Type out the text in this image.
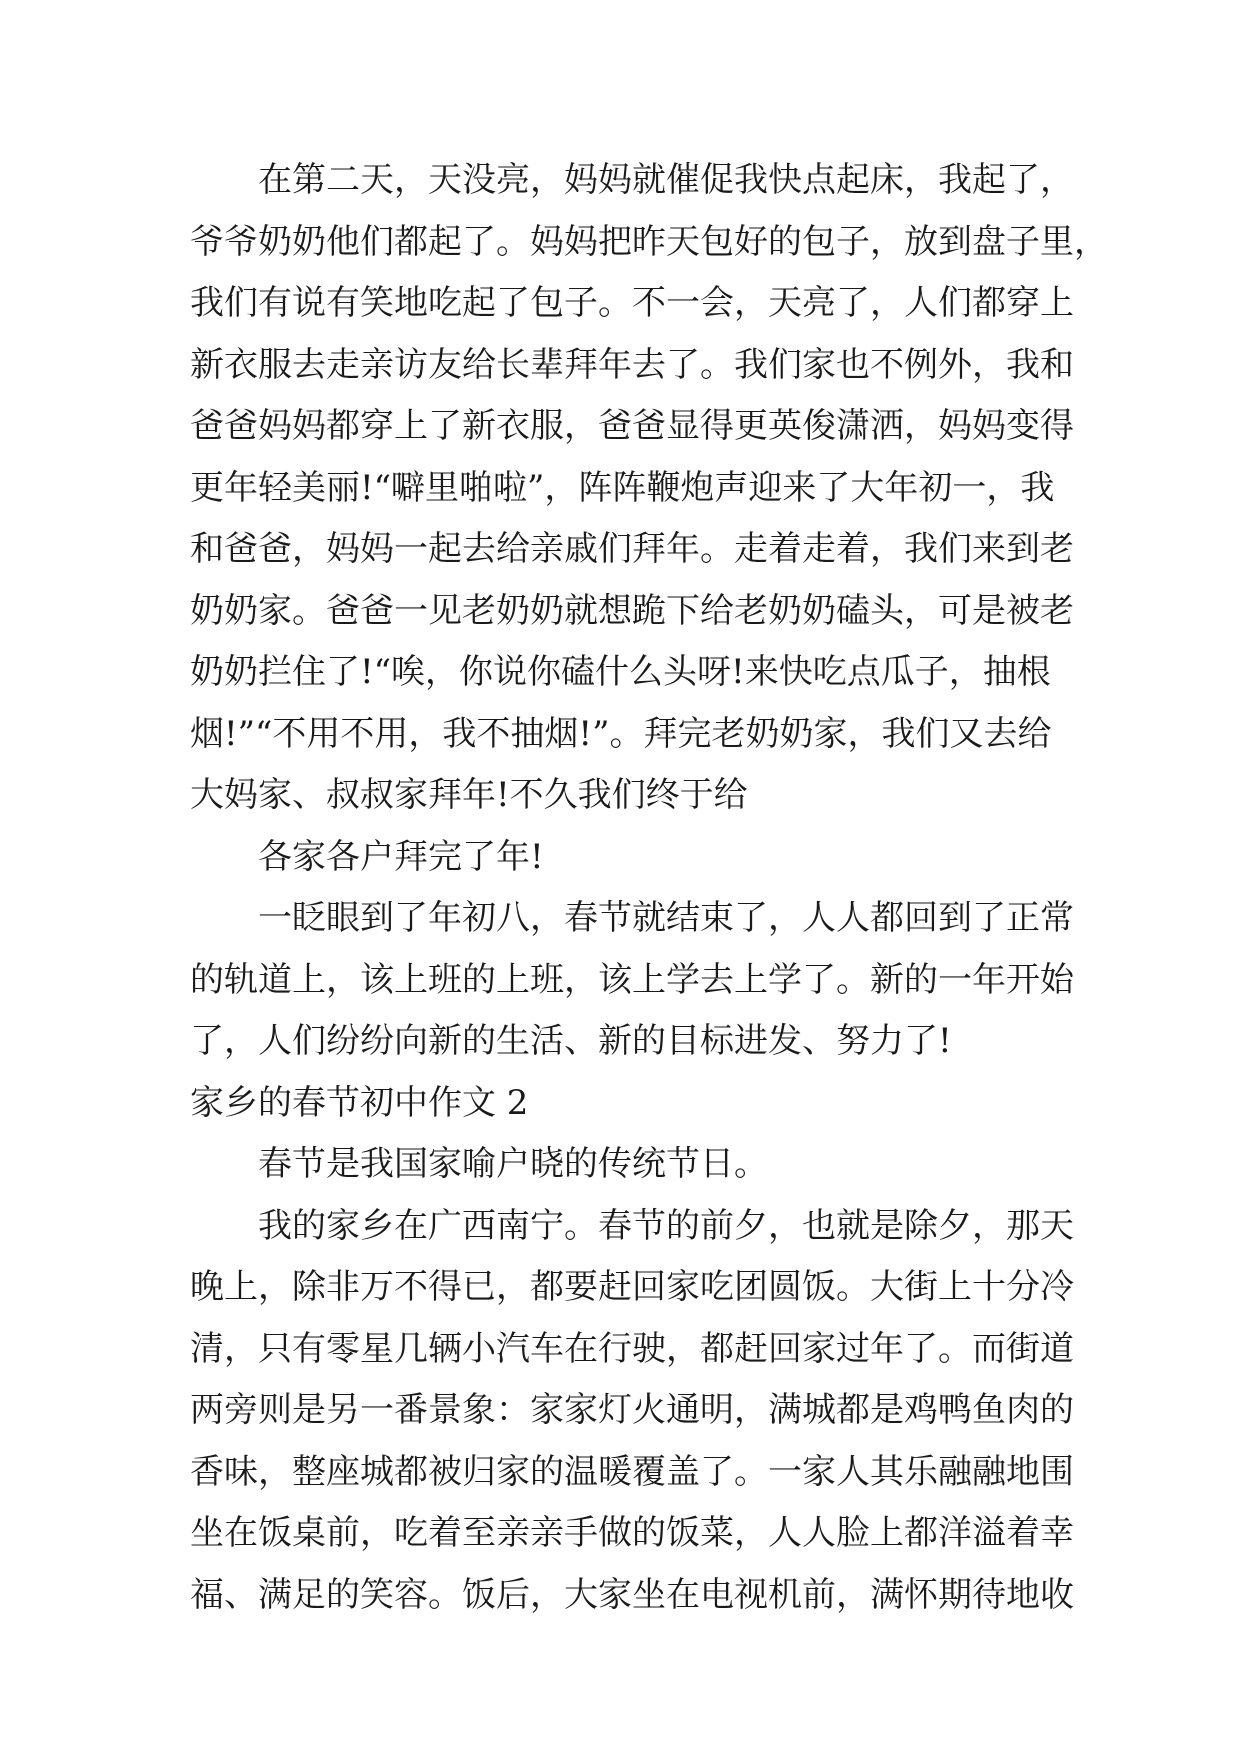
在第二天，天没亮，妈妈就催促我快点起床，我起了，
爷爷奶奶他们都起了。妈妈把昨天包好的包子，放到盘子里，
我们有说有笑地吃起了包子。不一会，天亮了，人们都穿上
新衣服去走亲访友给长辈拜年去了。我们家也不例外，我和
爸爸妈妈都穿上了新衣服，爸爸显得更英俊潇洒，妈妈变得
更年轻美丽!“噼里啪啦”，阵阵鞭炮声迎来了大年初一，我
和爸爸，妈妈一起去给亲戚们拜年。走着走着，我们来到老
奶奶家。爸爸一见老奶奶就想跪下给老奶奶磕头，可是被老
奶奶拦住了!“唉，你说你磕什么头呀!来快吃点瓜子，抽根
烟!”“不用不用，我不抽烟!”。拜完老奶奶家，我们又去给
大妈家、叔叔家拜年!不久我们终于给
各家各户拜完了年!
一眨眼到了年初八，春节就结束了，人人都回到了正常
的轨道上，该上班的上班，该上学去上学了。新的一年开始
了，人们纷纷向新的生活、新的目标进发、努力了!
家乡的春节初中作文 2
春节是我国家喻户晓的传统节日。
我的家乡在广西南宁。春节的前夕，也就是除夕，那天
晚上，除非万不得已，都要赶回家吃团圆饭。大街上十分冷
清，只有零星几辆小汽车在行驶，都赶回家过年了。而街道
两旁则是另一番景象：家家灯火通明，满城都是鸡鸭鱼肉的
香味，整座城都被归家的温暖覆盖了。一家人其乐融融地围
坐在饭桌前，吃着至亲亲手做的饭菜，人人脸上都洋溢着幸
福、满足的笑容。饭后，大家坐在电视机前，满怀期待地收
